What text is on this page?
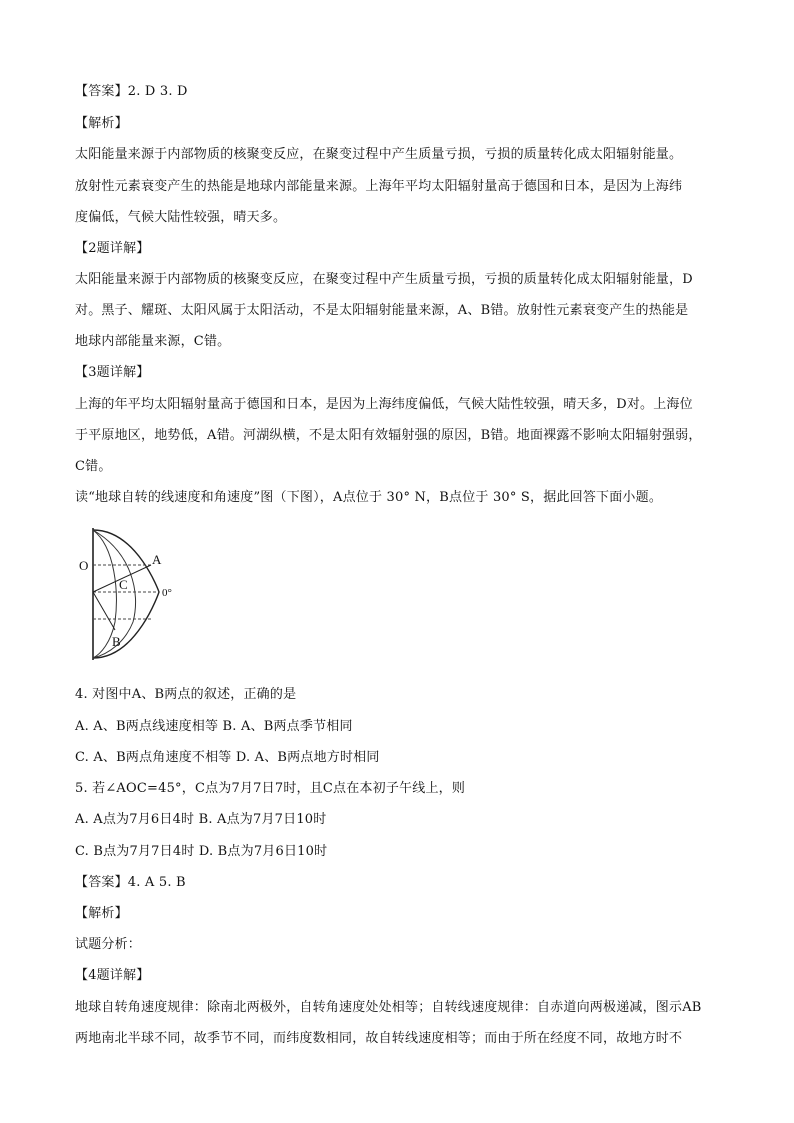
【答案】2. D 3. D
【解析】
太阳能量来源于内部物质的核聚变反应，在聚变过程中产生质量亏损，亏损的质量转化成太阳辐射能量。
放射性元素衰变产生的热能是地球内部能量来源。上海年平均太阳辐射量高于德国和日本，是因为上海纬
度偏低，气候大陆性较强，晴天多。
【2题详解】
太阳能量来源于内部物质的核聚变反应，在聚变过程中产生质量亏损，亏损的质量转化成太阳辐射能量，D
对。黑子、耀斑、太阳风属于太阳活动，不是太阳辐射能量来源，A、B错。放射性元素衰变产生的热能是
地球内部能量来源，C错。
【3题详解】
上海的年平均太阳辐射量高于德国和日本，是因为上海纬度偏低，气候大陆性较强，晴天多，D对。上海位
于平原地区，地势低，A错。河湖纵横，不是太阳有效辐射强的原因，B错。地面裸露不影响太阳辐射强弱，
C错。
读“地球自转的线速度和角速度”图（下图），A点位于 30° N，B点位于 30° S，据此回答下面小题。
O	A
C
0°
B
4. 对图中A、B两点的叙述，正确的是
A. A、B两点线速度相等 B. A、B两点季节相同
C. A、B两点角速度不相等 D. A、B两点地方时相同
5. 若∠AOC=45°，C点为7月7日7时，且C点在本初子午线上，则
A. A点为7月6日4时 B. A点为7月7日10时
C. B点为7月7日4时 D. B点为7月6日10时
【答案】4. A 5. B
【解析】
试题分析：
【4题详解】
地球自转角速度规律：除南北两极外，自转角速度处处相等；自转线速度规律：自赤道向两极递减，图示AB
两地南北半球不同，故季节不同，而纬度数相同，故自转线速度相等；而由于所在经度不同，故地方时不
